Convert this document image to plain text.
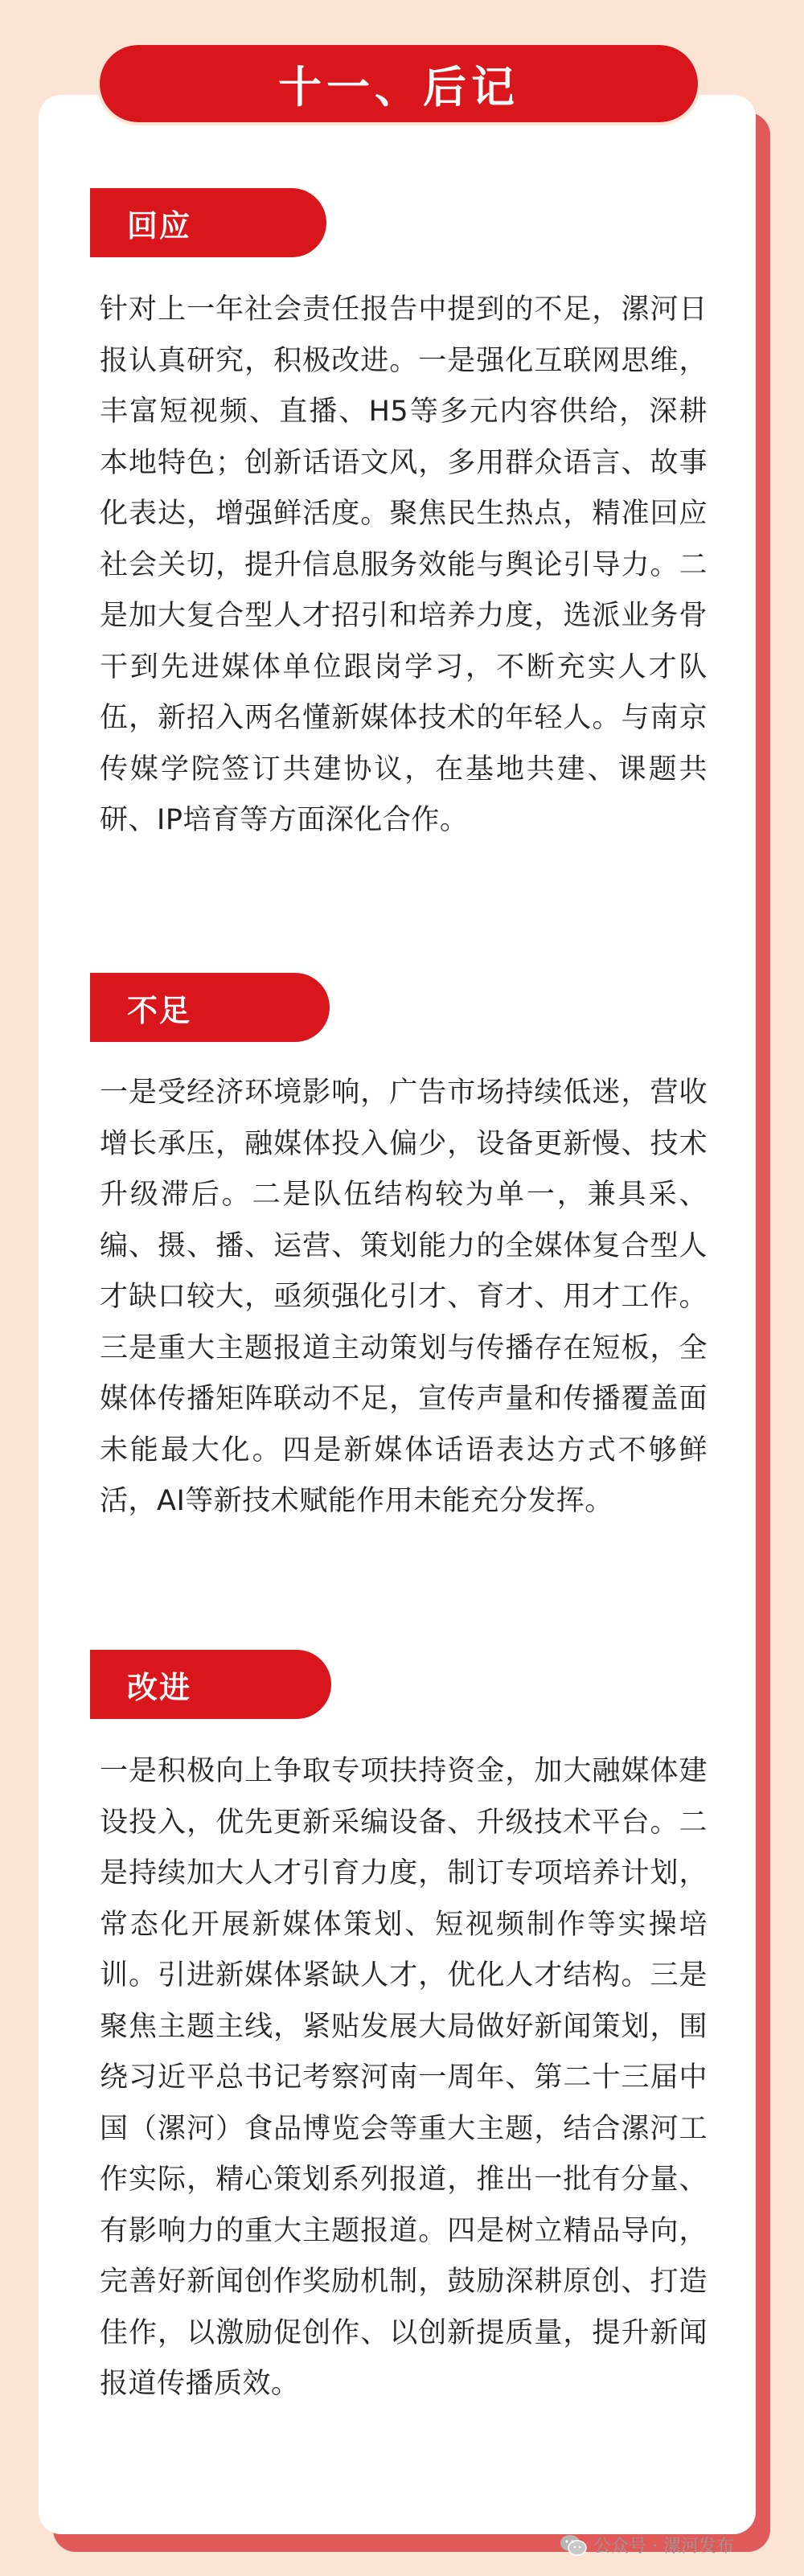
十一、后记
回应

针对上一年社会责任报告中提到的不足，漯河日报认真研究，积极改进。一是强化互联网思维，丰富短视频、直播、H5等多元内容供给，深耕本地特色；创新话语文风，多用群众语言、故事化表达，增强鲜活度。聚焦民生热点，精准回应社会关切，提升信息服务效能与舆论引导力。二是加大复合型人才招引和培养力度，选派业务骨干到先进媒体单位跟岗学习，不断充实人才队伍，新招入两名懂新媒体技术的年轻人。与南京传媒学院签订共建协议，在基地共建、课题共研、IP培育等方面深化合作。

不足

一是受经济环境影响，广告市场持续低迷，营收增长承压，融媒体投入偏少，设备更新慢、技术升级滞后。二是队伍结构较为单一，兼具采、编、摄、播、运营、策划能力的全媒体复合型人才缺口较大，亟须强化引才、育才、用才工作。三是重大主题报道主动策划与传播存在短板，全媒体传播矩阵联动不足，宣传声量和传播覆盖面未能最大化。四是新媒体话语表达方式不够鲜活，AI等新技术赋能作用未能充分发挥。

改进

一是积极向上争取专项扶持资金，加大融媒体建设投入，优先更新采编设备、升级技术平台。二是持续加大人才引育力度，制订专项培养计划，常态化开展新媒体策划、短视频制作等实操培训。引进新媒体紧缺人才，优化人才结构。三是聚焦主题主线，紧贴发展大局做好新闻策划，围绕习近平总书记考察河南一周年、第二十三届中国（漯河）食品博览会等重大主题，结合漯河工作实际，精心策划系列报道，推出一批有分量、有影响力的重大主题报道。四是树立精品导向，完善好新闻创作奖励机制，鼓励深耕原创、打造佳作，以激励促创作、以创新提质量，提升新闻报道传播质效。

公众号 · 漯河发布
